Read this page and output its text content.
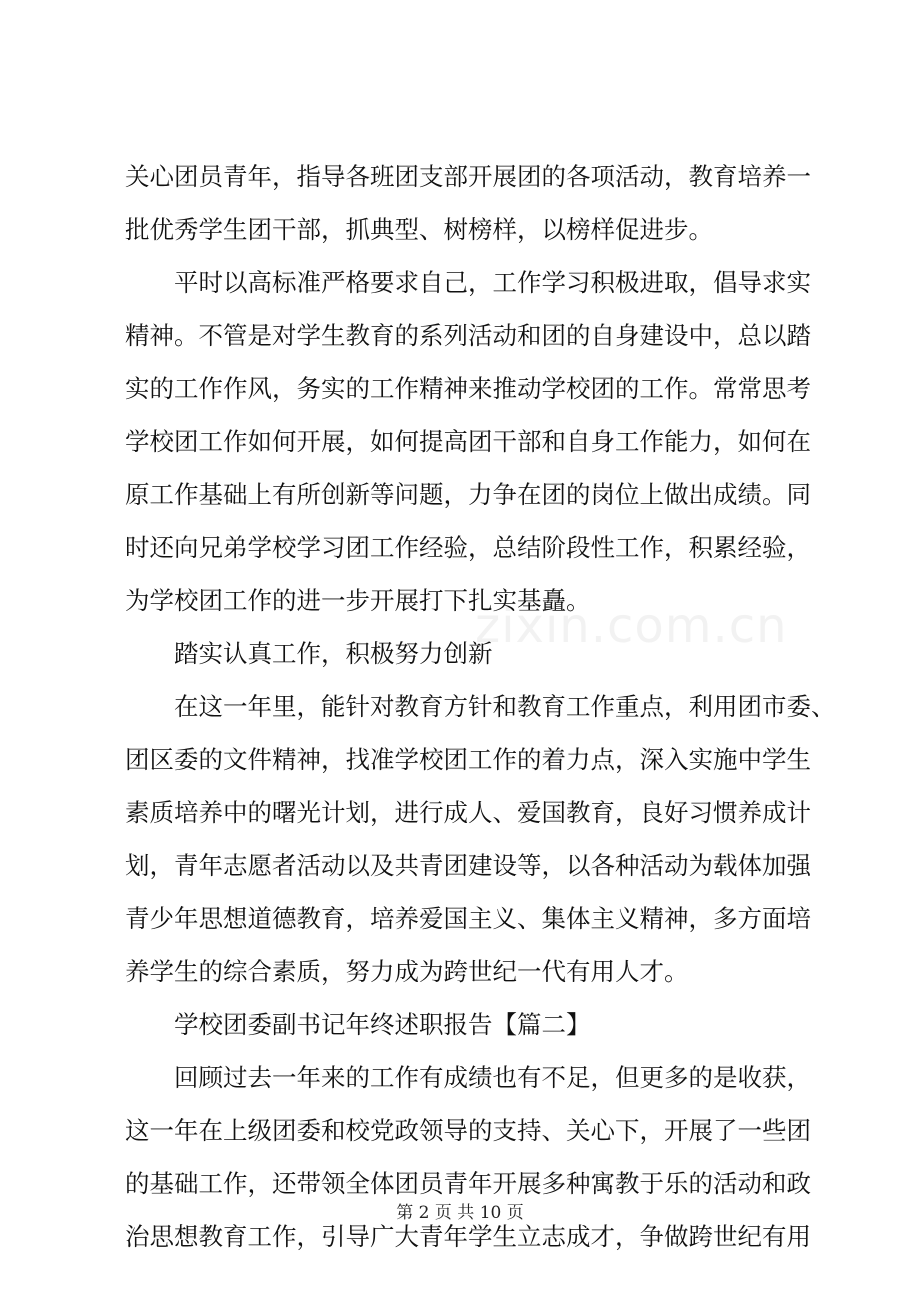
zixin.com.cn
关心团员青年，指导各班团支部开展团的各项活动，教育培养一
批优秀学生团干部，抓典型、树榜样，以榜样促进步。
平时以高标准严格要求自己，工作学习积极进取，倡导求实
精神。不管是对学生教育的系列活动和团的自身建设中，总以踏
实的工作作风，务实的工作精神来推动学校团的工作。常常思考
学校团工作如何开展，如何提高团干部和自身工作能力，如何在
原工作基础上有所创新等问题，力争在团的岗位上做出成绩。同
时还向兄弟学校学习团工作经验，总结阶段性工作，积累经验，
为学校团工作的进一步开展打下扎实基矗。
踏实认真工作，积极努力创新
在这一年里，能针对教育方针和教育工作重点，利用团市委、
团区委的文件精神，找准学校团工作的着力点，深入实施中学生
素质培养中的曙光计划，进行成人、爱国教育，良好习惯养成计
划，青年志愿者活动以及共青团建设等，以各种活动为载体加强
青少年思想道德教育，培养爱国主义、集体主义精神，多方面培
养学生的综合素质，努力成为跨世纪一代有用人才。
学校团委副书记年终述职报告【篇二】
回顾过去一年来的工作有成绩也有不足，但更多的是收获，
这一年在上级团委和校党政领导的支持、关心下，开展了一些团
的基础工作，还带领全体团员青年开展多种寓教于乐的活动和政
治思想教育工作，引导广大青年学生立志成才，争做跨世纪有用
第 2 页 共 10 页
